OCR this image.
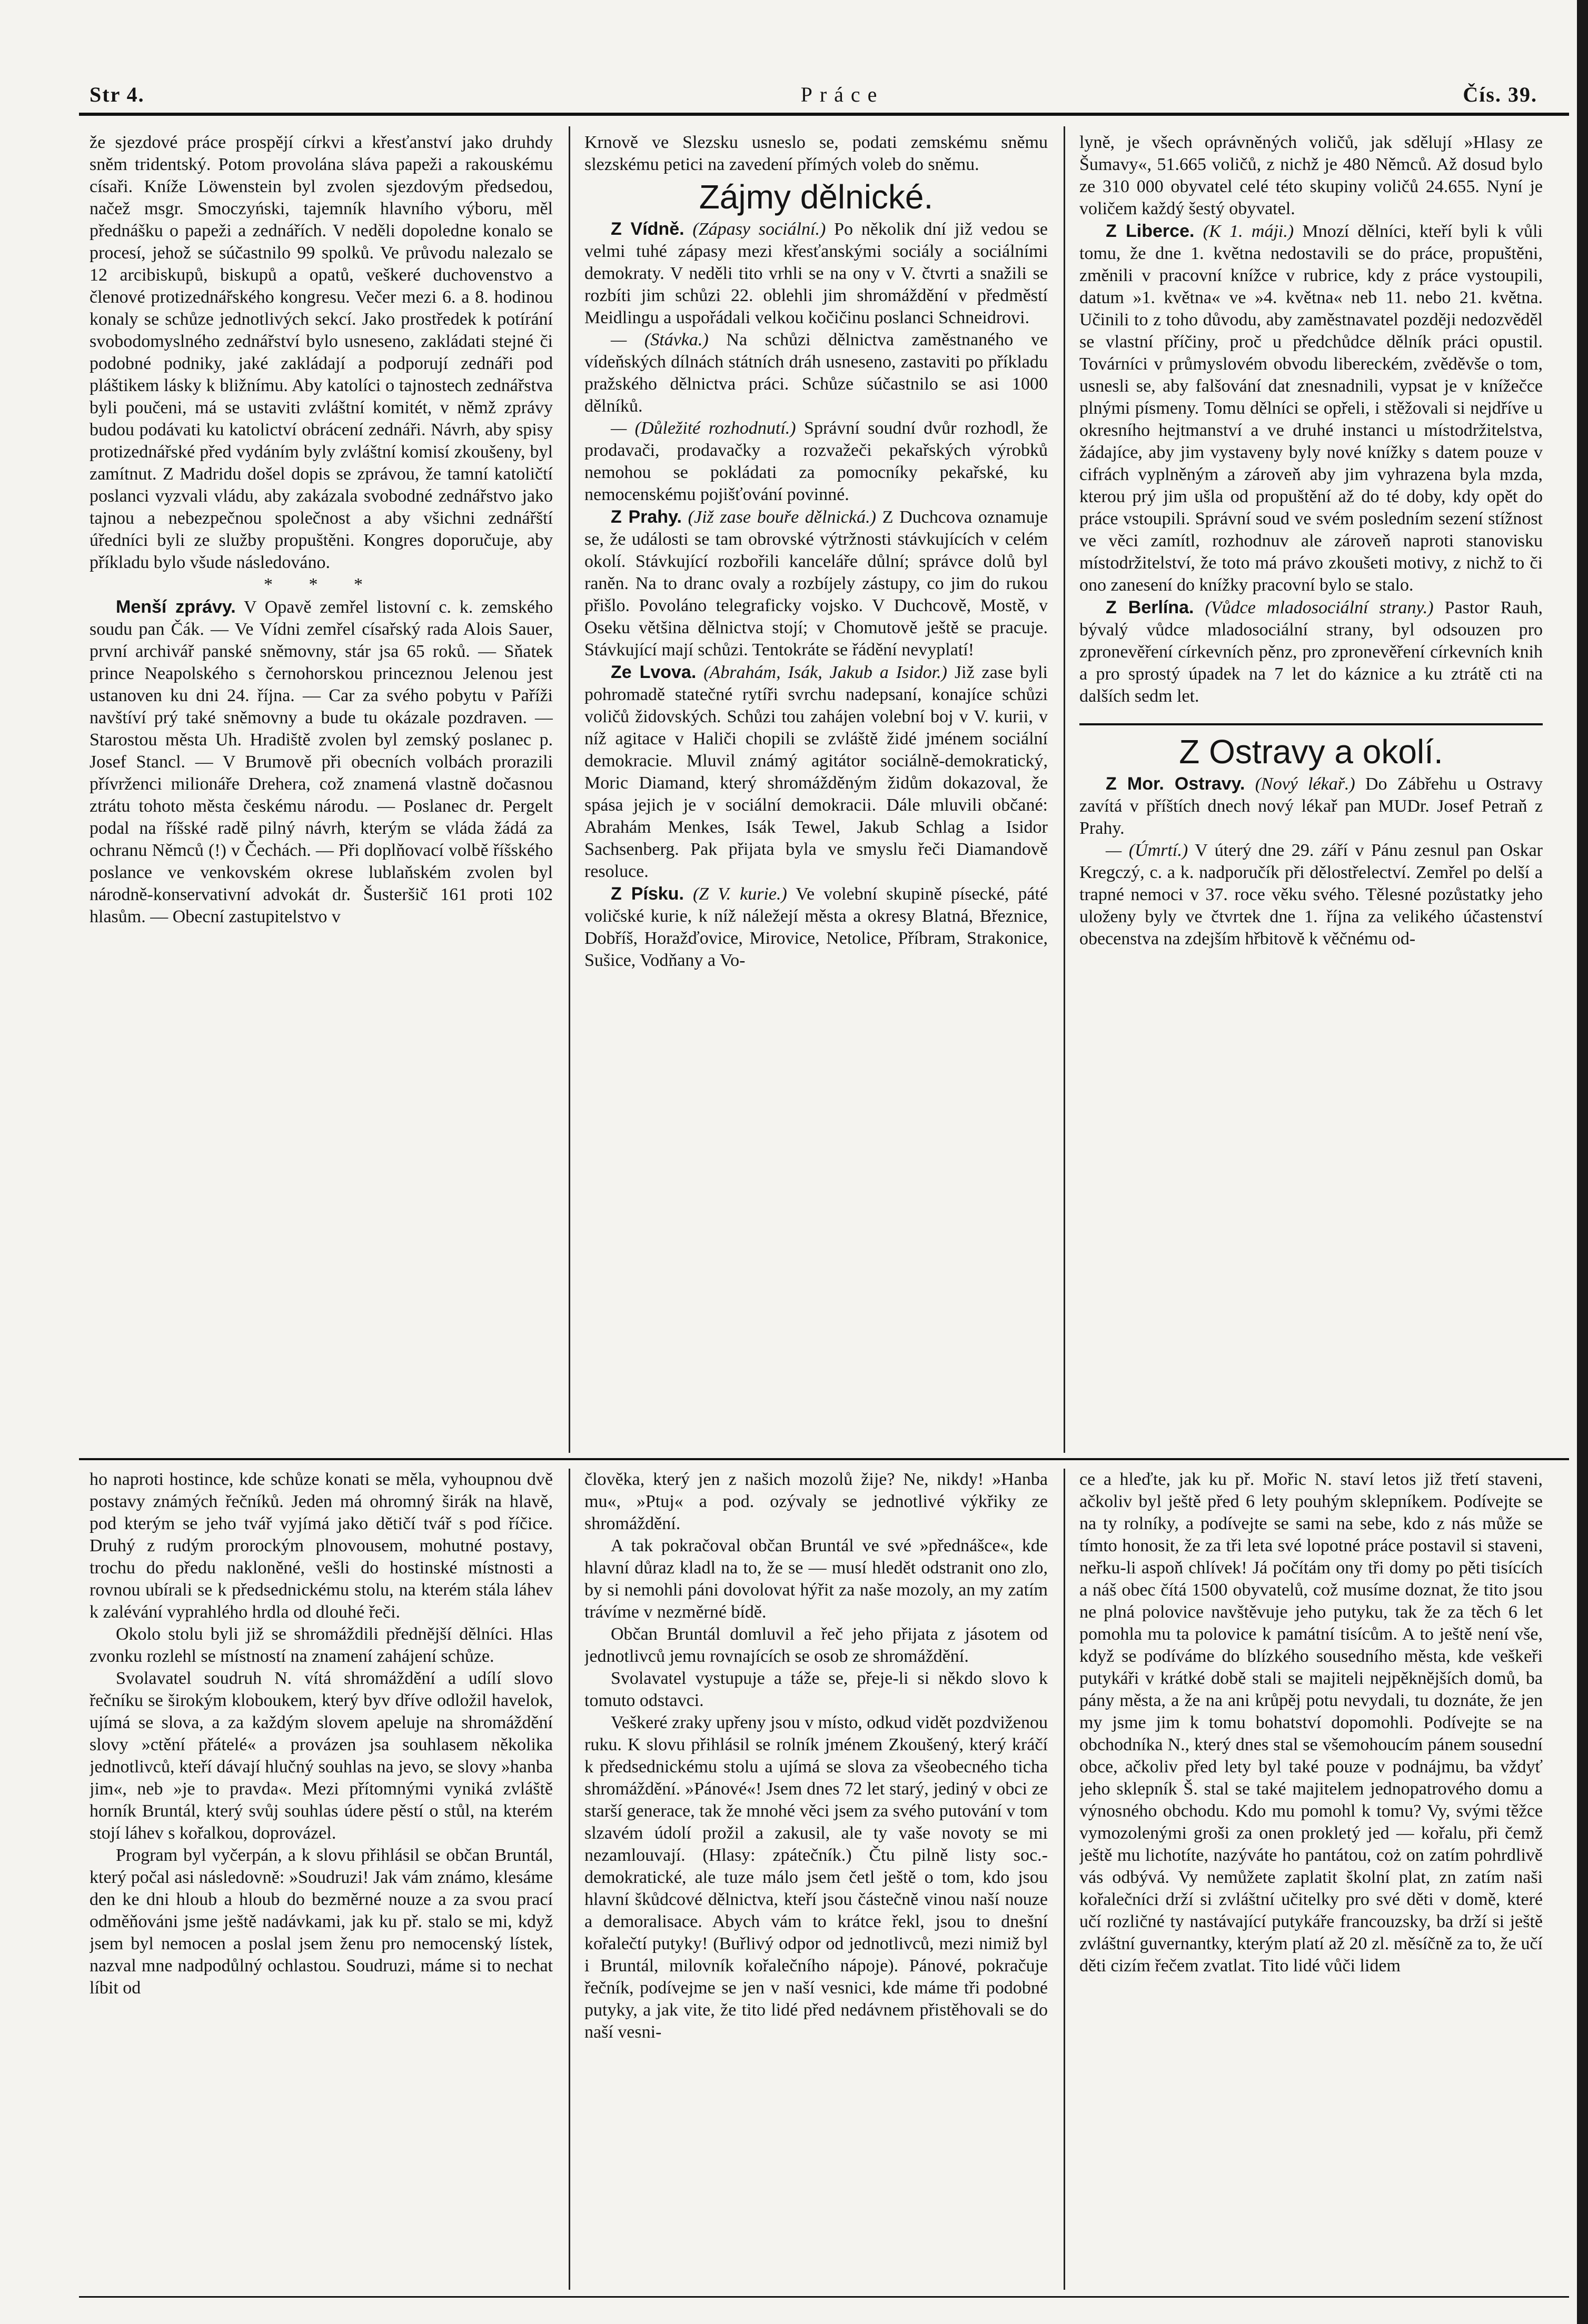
Str 4.	Práce	Čís. 39.

že sjezdové práce prospějí církvi a křesťanství jako druhdy sněm tridentský. Potom provolána sláva papeži a rakouskému císaři. Kníže Löwenstein byl zvolen sjezdovým předsedou, načež msgr. Smoczyński, tajemník hlavního výboru, měl přednášku o papeži a zednářích. V neděli dopoledne konalo se procesí, jehož se súčastnilo 99 spolků. Ve průvodu nalezalo se 12 arcibiskupů, biskupů a opatů, veškeré duchovenstvo a členové protizednářského kongresu. Večer mezi 6. a 8. hodinou konaly se schůze jednotlivých sekcí. Jako prostředek k potírání svobodomyslného zednářství bylo usneseno, zakládati stejné či podobné podniky, jaké zakládají a podporují zednáři pod pláštikem lásky k bližnímu. Aby katolíci o tajnostech zednářstva byli poučeni, má se ustaviti zvláštní komitét, v němž zprávy budou podávati ku katolictví obrácení zednáři. Návrh, aby spisy protizednářské před vydáním byly zvláštní komisí zkoušeny, byl zamítnut. Z Madridu došel dopis se zprávou, že tamní katoličtí poslanci vyzvali vládu, aby zakázala svobodné zednářstvo jako tajnou a nebezpečnou společnost a aby všichni zednářští úředníci byli ze služby propuštěni. Kongres doporučuje, aby příkladu bylo všude následováno.

* * *

Menší zprávy. V Opavě zemřel listovní c. k. zemského soudu pan Čák. — Ve Vídni zemřel císařský rada Alois Sauer, první archivář panské sněmovny, stár jsa 65 roků. — Sňatek prince Neapolského s černohorskou princeznou Jelenou jest ustanoven ku dni 24. října. — Car za svého pobytu v Paříži navštíví prý také sněmovny a bude tu okázale pozdraven. — Starostou města Uh. Hradiště zvolen byl zemský poslanec p. Josef Stancl. — V Brumově při obecních volbách prorazili přívrženci milionáře Drehera, což znamená vlastně dočasnou ztrátu tohoto města českému národu. — Poslanec dr. Pergelt podal na říšské radě pilný návrh, kterým se vláda žádá za ochranu Němců (!) v Čechách. — Při doplňovací volbě říšského poslance ve venkovském okrese lublaňském zvolen byl národně-konservativní advokát dr. Šusteršič 161 proti 102 hlasům. — Obecní zastupitelstvo v

Krnově ve Slezsku usneslo se, podati zemskému sněmu slezskému petici na zavedení přímých voleb do sněmu.

Zájmy dělnické.

Z Vídně. (Zápasy sociální.) Po několik dní již vedou se velmi tuhé zápasy mezi křesťanskými sociály a sociálními demokraty. V neděli tito vrhli se na ony v V. čtvrti a snažili se rozbíti jim schůzi 22. oblehli jim shromáždění v předměstí Meidlingu a uspořádali velkou kočičinu poslanci Schneidrovi.

— (Stávka.) Na schůzi dělnictva zaměstnaného ve vídeňských dílnách státních dráh usneseno, zastaviti po příkladu pražského dělnictva práci. Schůze súčastnilo se asi 1000 dělníků.

— (Důležité rozhodnutí.) Správní soudní dvůr rozhodl, že prodavači, prodavačky a rozvažeči pekařských výrobků nemohou se pokládati za pomocníky pekařské, ku nemocenskému pojišťování povinné.

Z Prahy. (Již zase bouře dělnická.) Z Duchcova oznamuje se, že události se tam obrovské výtržnosti stávkujících v celém okolí. Stávkující rozbořili kanceláře důlní; správce dolů byl raněn. Na to dranc ovaly a rozbíjely zástupy, co jim do rukou přišlo. Povoláno telegraficky vojsko. V Duchcově, Mostě, v Oseku většina dělnictva stojí; v Chomutově ještě se pracuje. Stávkující mají schůzi. Tentokráte se řádění nevyplatí!

Ze Lvova. (Abrahám, Isák, Jakub a Isidor.) Již zase byli pohromadě statečné rytíři svrchu nadepsaní, konajíce schůzi voličů židovských. Schůzi tou zahájen volební boj v V. kurii, v níž agitace v Haliči chopili se zvláště židé jménem sociální demokracie. Mluvil známý agitátor sociálně-demokratický, Moric Diamand, který shromážděným židům dokazoval, že spása jejich je v sociální demokracii. Dále mluvili občané: Abrahám Menkes, Isák Tewel, Jakub Schlag a Isidor Sachsenberg. Pak přijata byla ve smyslu řeči Diamandově resoluce.

Z Písku. (Z V. kurie.) Ve volební skupině písecké, páté voličské kurie, k níž náležejí města a okresy Blatná, Březnice, Dobříš, Horažďovice, Mirovice, Netolice, Příbram, Strakonice, Sušice, Vodňany a Vo-

lyně, je všech oprávněných voličů, jak sdělují »Hlasy ze Šumavy«, 51.665 voličů, z nichž je 480 Němců. Až dosud bylo ze 310 000 obyvatel celé této skupiny voličů 24.655. Nyní je voličem každý šestý obyvatel.

Z Liberce. (K 1. máji.) Mnozí dělníci, kteří byli k vůli tomu, že dne 1. května nedostavili se do práce, propuštěni, změnili v pracovní knížce v rubrice, kdy z práce vystoupili, datum »1. května« ve »4. května« neb 11. nebo 21. května. Učinili to z toho důvodu, aby zaměstnavatel později nedozvěděl se vlastní příčiny, proč u předchůdce dělník práci opustil. Továrníci v průmyslovém obvodu libereckém, zvěděvše o tom, usnesli se, aby falšování dat znesnadnili, vypsat je v knížečce plnými písmeny. Tomu dělníci se opřeli, i stěžovali si nejdříve u okresního hejtmanství a ve druhé instanci u místodržitelstva, žádajíce, aby jim vystaveny byly nové knížky s datem pouze v cifrách vyplněným a zároveň aby jim vyhrazena byla mzda, kterou prý jim ušla od propuštění až do té doby, kdy opět do práce vstoupili. Správní soud ve svém posledním sezení stížnost ve věci zamítl, rozhodnuv ale zároveň naproti stanovisku místodržitelství, že toto má právo zkoušeti motivy, z nichž to či ono zanesení do knížky pracovní bylo se stalo.

Z Berlína. (Vůdce mladosociální strany.) Pastor Rauh, bývalý vůdce mladosociální strany, byl odsouzen pro zpronevěření církevních pěnz, pro zpronevěření církevních knih a pro sprostý úpadek na 7 let do káznice a ku ztrátě cti na dalších sedm let.

Z Ostravy a okolí.

Z Mor. Ostravy. (Nový lékař.) Do Zábřehu u Ostravy zavítá v příštích dnech nový lékař pan MUDr. Josef Petraň z Prahy.

— (Úmrtí.) V úterý dne 29. září v Pánu zesnul pan Oskar Kregczý, c. a k. nadporučík při dělostřelectví. Zemřel po delší a trapné nemoci v 37. roce věku svého. Tělesné pozůstatky jeho uloženy byly ve čtvrtek dne 1. října za velikého účastenství obecenstva na zdejším hřbitově k věčnému od-

ho naproti hostince, kde schůze konati se měla, vyhoupnou dvě postavy známých řečníků. Jeden má ohromný širák na hlavě, pod kterým se jeho tvář vyjímá jako dětičí tvář s pod říčice. Druhý z rudým prorockým plnovousem, mohutné postavy, trochu do předu nakloněné, vešli do hostinské místnosti a rovnou ubírali se k předsednickému stolu, na kterém stála láhev k zalévání vyprahlého hrdla od dlouhé řeči.

Okolo stolu byli již se shromáždili přednější dělníci. Hlas zvonku rozlehl se místností na znamení zahájení schůze.

Svolavatel soudruh N. vítá shromáždění a udílí slovo řečníku se širokým kloboukem, který byv dříve odložil havelok, ujímá se slova, a za každým slovem apeluje na shromáždění slovy »ctění přátelé« a provázen jsa souhlasem několika jednotlivců, kteří dávají hlučný souhlas na jevo, se slovy »hanba jim«, neb »je to pravda«. Mezi přítomnými vyniká zvláště horník Bruntál, který svůj souhlas údere pěstí o stůl, na kterém stojí láhev s kořalkou, doprovázel.

Program byl vyčerpán, a k slovu přihlásil se občan Bruntál, který počal asi následovně: »Soudruzi! Jak vám známo, klesáme den ke dni hloub a hloub do bezměrné nouze a za svou prací odměňováni jsme ještě nadávkami, jak ku př. stalo se mi, když jsem byl nemocen a poslal jsem ženu pro nemocenský lístek, nazval mne nadpodůlný ochlastou. Soudruzi, máme si to nechat líbit od

člověka, který jen z našich mozolů žije? Ne, nikdy! »Hanba mu«, »Ptuj« a pod. ozývaly se jednotlivé výkřiky ze shromáždění.

A tak pokračoval občan Bruntál ve své »přednášce«, kde hlavní důraz kladl na to, že se — musí hledět odstranit ono zlo, by si nemohli páni dovolovat hýřit za naše mozoly, an my zatím trávíme v nezměrné bídě.

Občan Bruntál domluvil a řeč jeho přijata z jásotem od jednotlivců jemu rovnajících se osob ze shromáždění.

Svolavatel vystupuje a táže se, přeje-li si někdo slovo k tomuto odstavci.

Veškeré zraky upřeny jsou v místo, odkud vidět pozdviženou ruku. K slovu přihlásil se rolník jménem Zkoušený, který kráčí k předsednickému stolu a ujímá se slova za všeobecného ticha shromáždění. »Pánové«! Jsem dnes 72 let starý, jediný v obci ze starší generace, tak že mnohé věci jsem za svého putování v tom slzavém údolí prožil a zakusil, ale ty vaše novoty se mi nezamlouvají. (Hlasy: zpátečník.) Čtu pilně listy soc.-demokratické, ale tuze málo jsem četl ještě o tom, kdo jsou hlavní škůdcové dělnictva, kteří jsou částečně vinou naší nouze a demoralisace. Abych vám to krátce řekl, jsou to dnešní kořalečtí putyky! (Buřlivý odpor od jednotlivců, mezi nimiž byl i Bruntál, milovník kořalečního nápoje). Pánové, pokračuje řečník, podívejme se jen v naší vesnici, kde máme tři podobné putyky, a jak vite, že tito lidé před nedávnem přistěhovali se do naší vesni-

ce a hleďte, jak ku př. Mořic N. staví letos již třetí staveni, ačkoliv byl ještě před 6 lety pouhým sklepníkem. Podívejte se na ty rolníky, a podívejte se sami na sebe, kdo z nás může se tímto honosit, že za tři leta své lopotné práce postavil si staveni, neřku-li aspoň chlívek! Já počítám ony tři domy po pěti tisících a náš obec čítá 1500 obyvatelů, což musíme doznat, že tito jsou ne plná polovice navštěvuje jeho putyku, tak že za těch 6 let pomohla mu ta polovice k památní tisícům. A to ještě není vše, když se podíváme do blízkého sousedního města, kde veškeři putykáři v krátké době stali se majiteli nejpěknějších domů, ba pány města, a že na ani krůpěj potu nevydali, tu doznáte, že jen my jsme jim k tomu bohatství dopomohli. Podívejte se na obchodníka N., který dnes stal se všemohoucím pánem sousední obce, ačkoliv před lety byl také pouze v podnájmu, ba vždyť jeho sklepník Š. stal se také majitelem jednopatrového domu a výnosného obchodu. Kdo mu pomohl k tomu? Vy, svými těžce vymozolenými groši za onen prokletý jed — kořalu, při čemž ještě mu lichotíte, nazýváte ho pantátou, coż on zatím pohrdlivě vás odbývá. Vy nemůžete zaplatit školní plat, zn zatím naši kořalečníci drží si zvláštní učitelky pro své děti v domě, které učí rozličné ty nastávající putykáře francouzsky, ba drží si ještě zvláštní guvernantky, kterým platí až 20 zl. měsíčně za to, že učí děti cizím řečem zvatlat. Tito lidé vůči lidem
